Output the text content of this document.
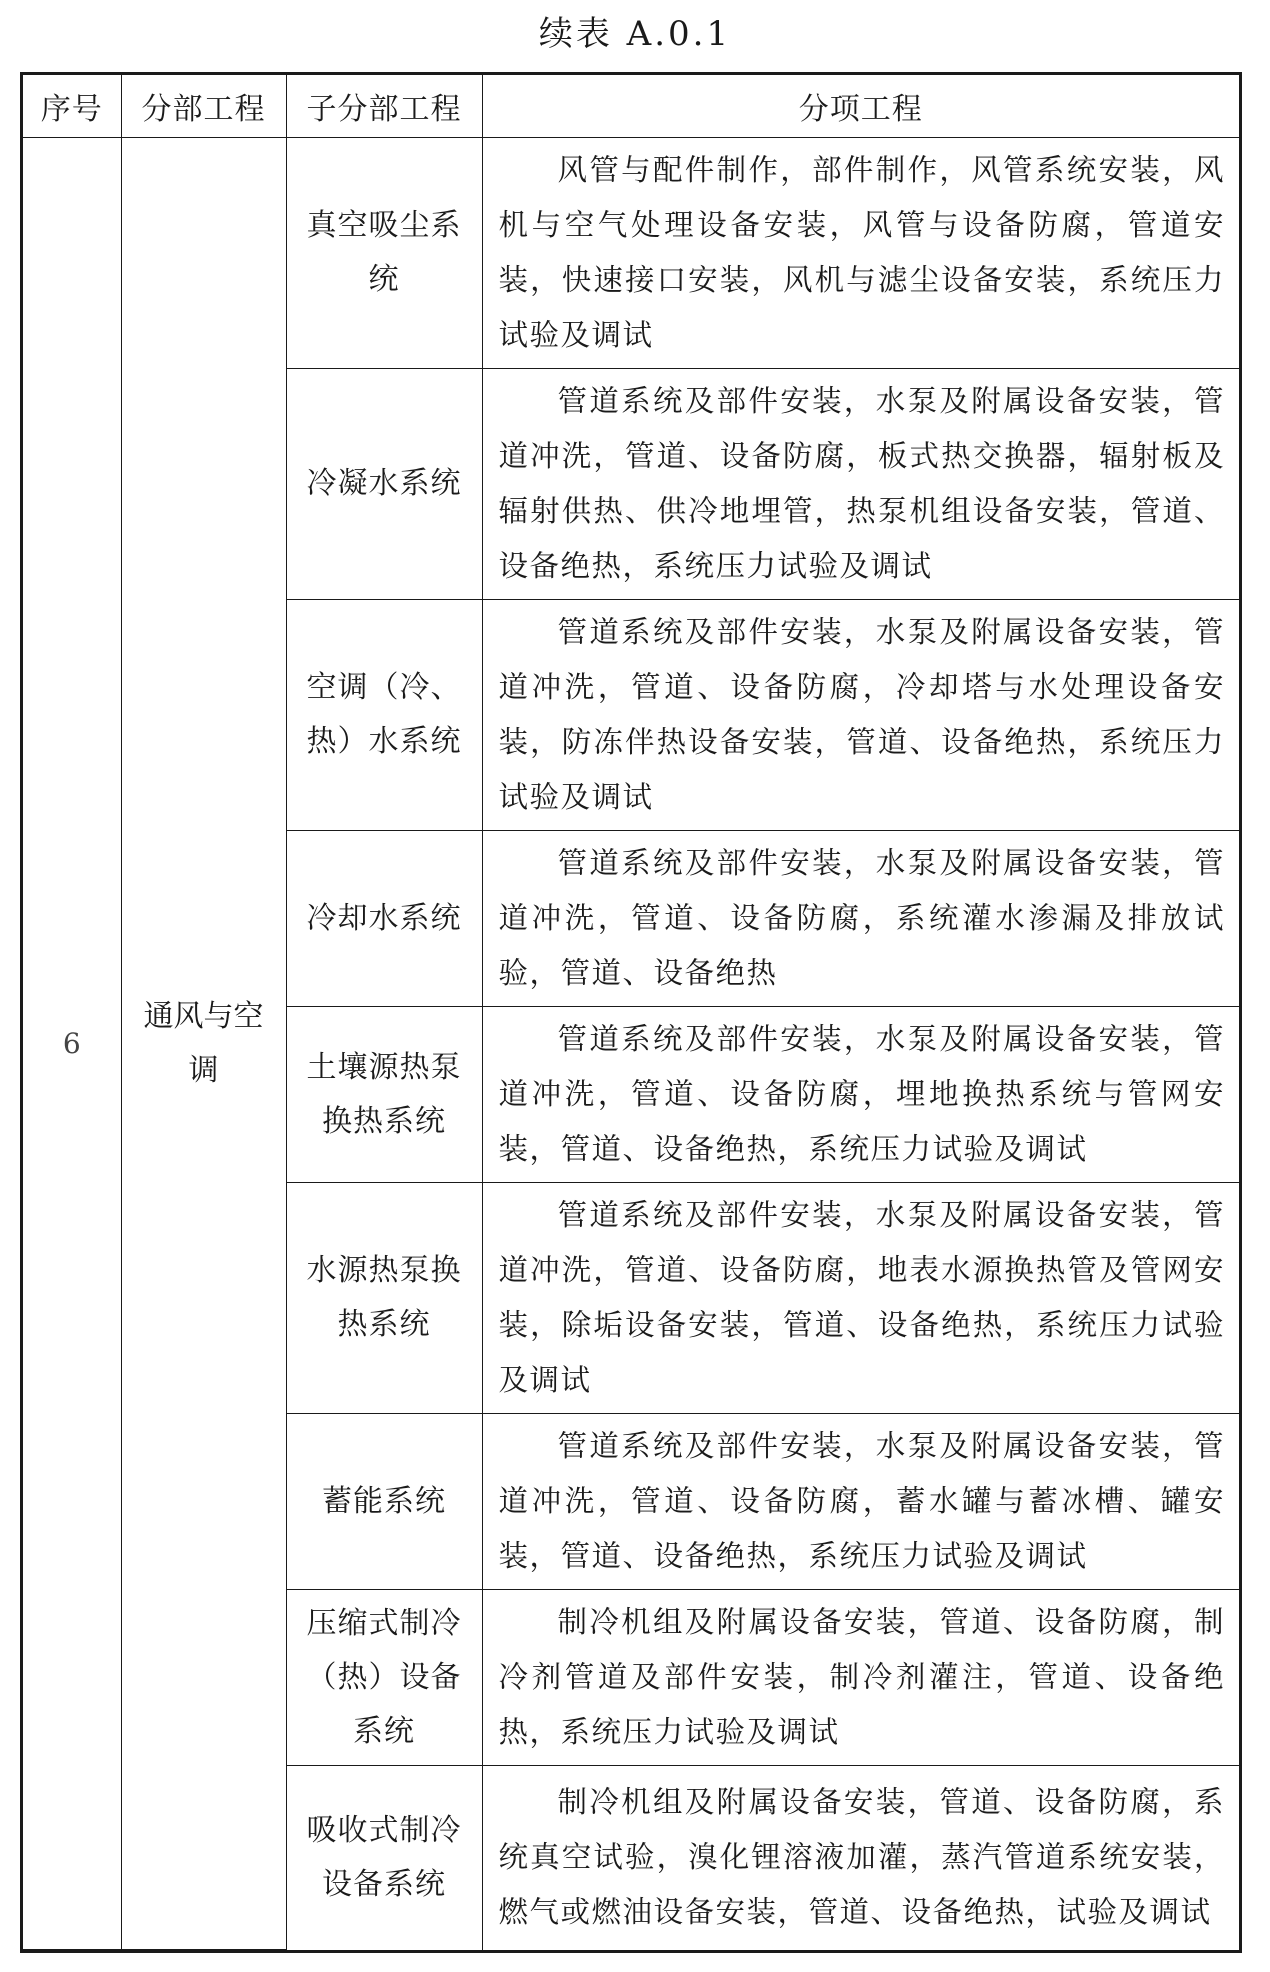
续表 A.0.1
序号	分部工程	子分部工程	分项工程
6	通风与空调	真空吸尘系统	风管与配件制作，部件制作，风管系统安装，风机与空气处理设备安装，风管与设备防腐，管道安装，快速接口安装，风机与滤尘设备安装，系统压力试验及调试
		冷凝水系统	管道系统及部件安装，水泵及附属设备安装，管道冲洗，管道、设备防腐，板式热交换器，辐射板及辐射供热、供冷地埋管，热泵机组设备安装，管道、设备绝热，系统压力试验及调试
		空调（冷、热）水系统	管道系统及部件安装，水泵及附属设备安装，管道冲洗，管道、设备防腐，冷却塔与水处理设备安装，防冻伴热设备安装，管道、设备绝热，系统压力试验及调试
		冷却水系统	管道系统及部件安装，水泵及附属设备安装，管道冲洗，管道、设备防腐，系统灌水渗漏及排放试验，管道、设备绝热
		土壤源热泵换热系统	管道系统及部件安装，水泵及附属设备安装，管道冲洗，管道、设备防腐，埋地换热系统与管网安装，管道、设备绝热，系统压力试验及调试
		水源热泵换热系统	管道系统及部件安装，水泵及附属设备安装，管道冲洗，管道、设备防腐，地表水源换热管及管网安装，除垢设备安装，管道、设备绝热，系统压力试验及调试
		蓄能系统	管道系统及部件安装，水泵及附属设备安装，管道冲洗，管道、设备防腐，蓄水罐与蓄冰槽、罐安装，管道、设备绝热，系统压力试验及调试
		压缩式制冷（热）设备系统	制冷机组及附属设备安装，管道、设备防腐，制冷剂管道及部件安装，制冷剂灌注，管道、设备绝热，系统压力试验及调试
		吸收式制冷设备系统	制冷机组及附属设备安装，管道、设备防腐，系统真空试验，溴化锂溶液加灌，蒸汽管道系统安装，燃气或燃油设备安装，管道、设备绝热，试验及调试
